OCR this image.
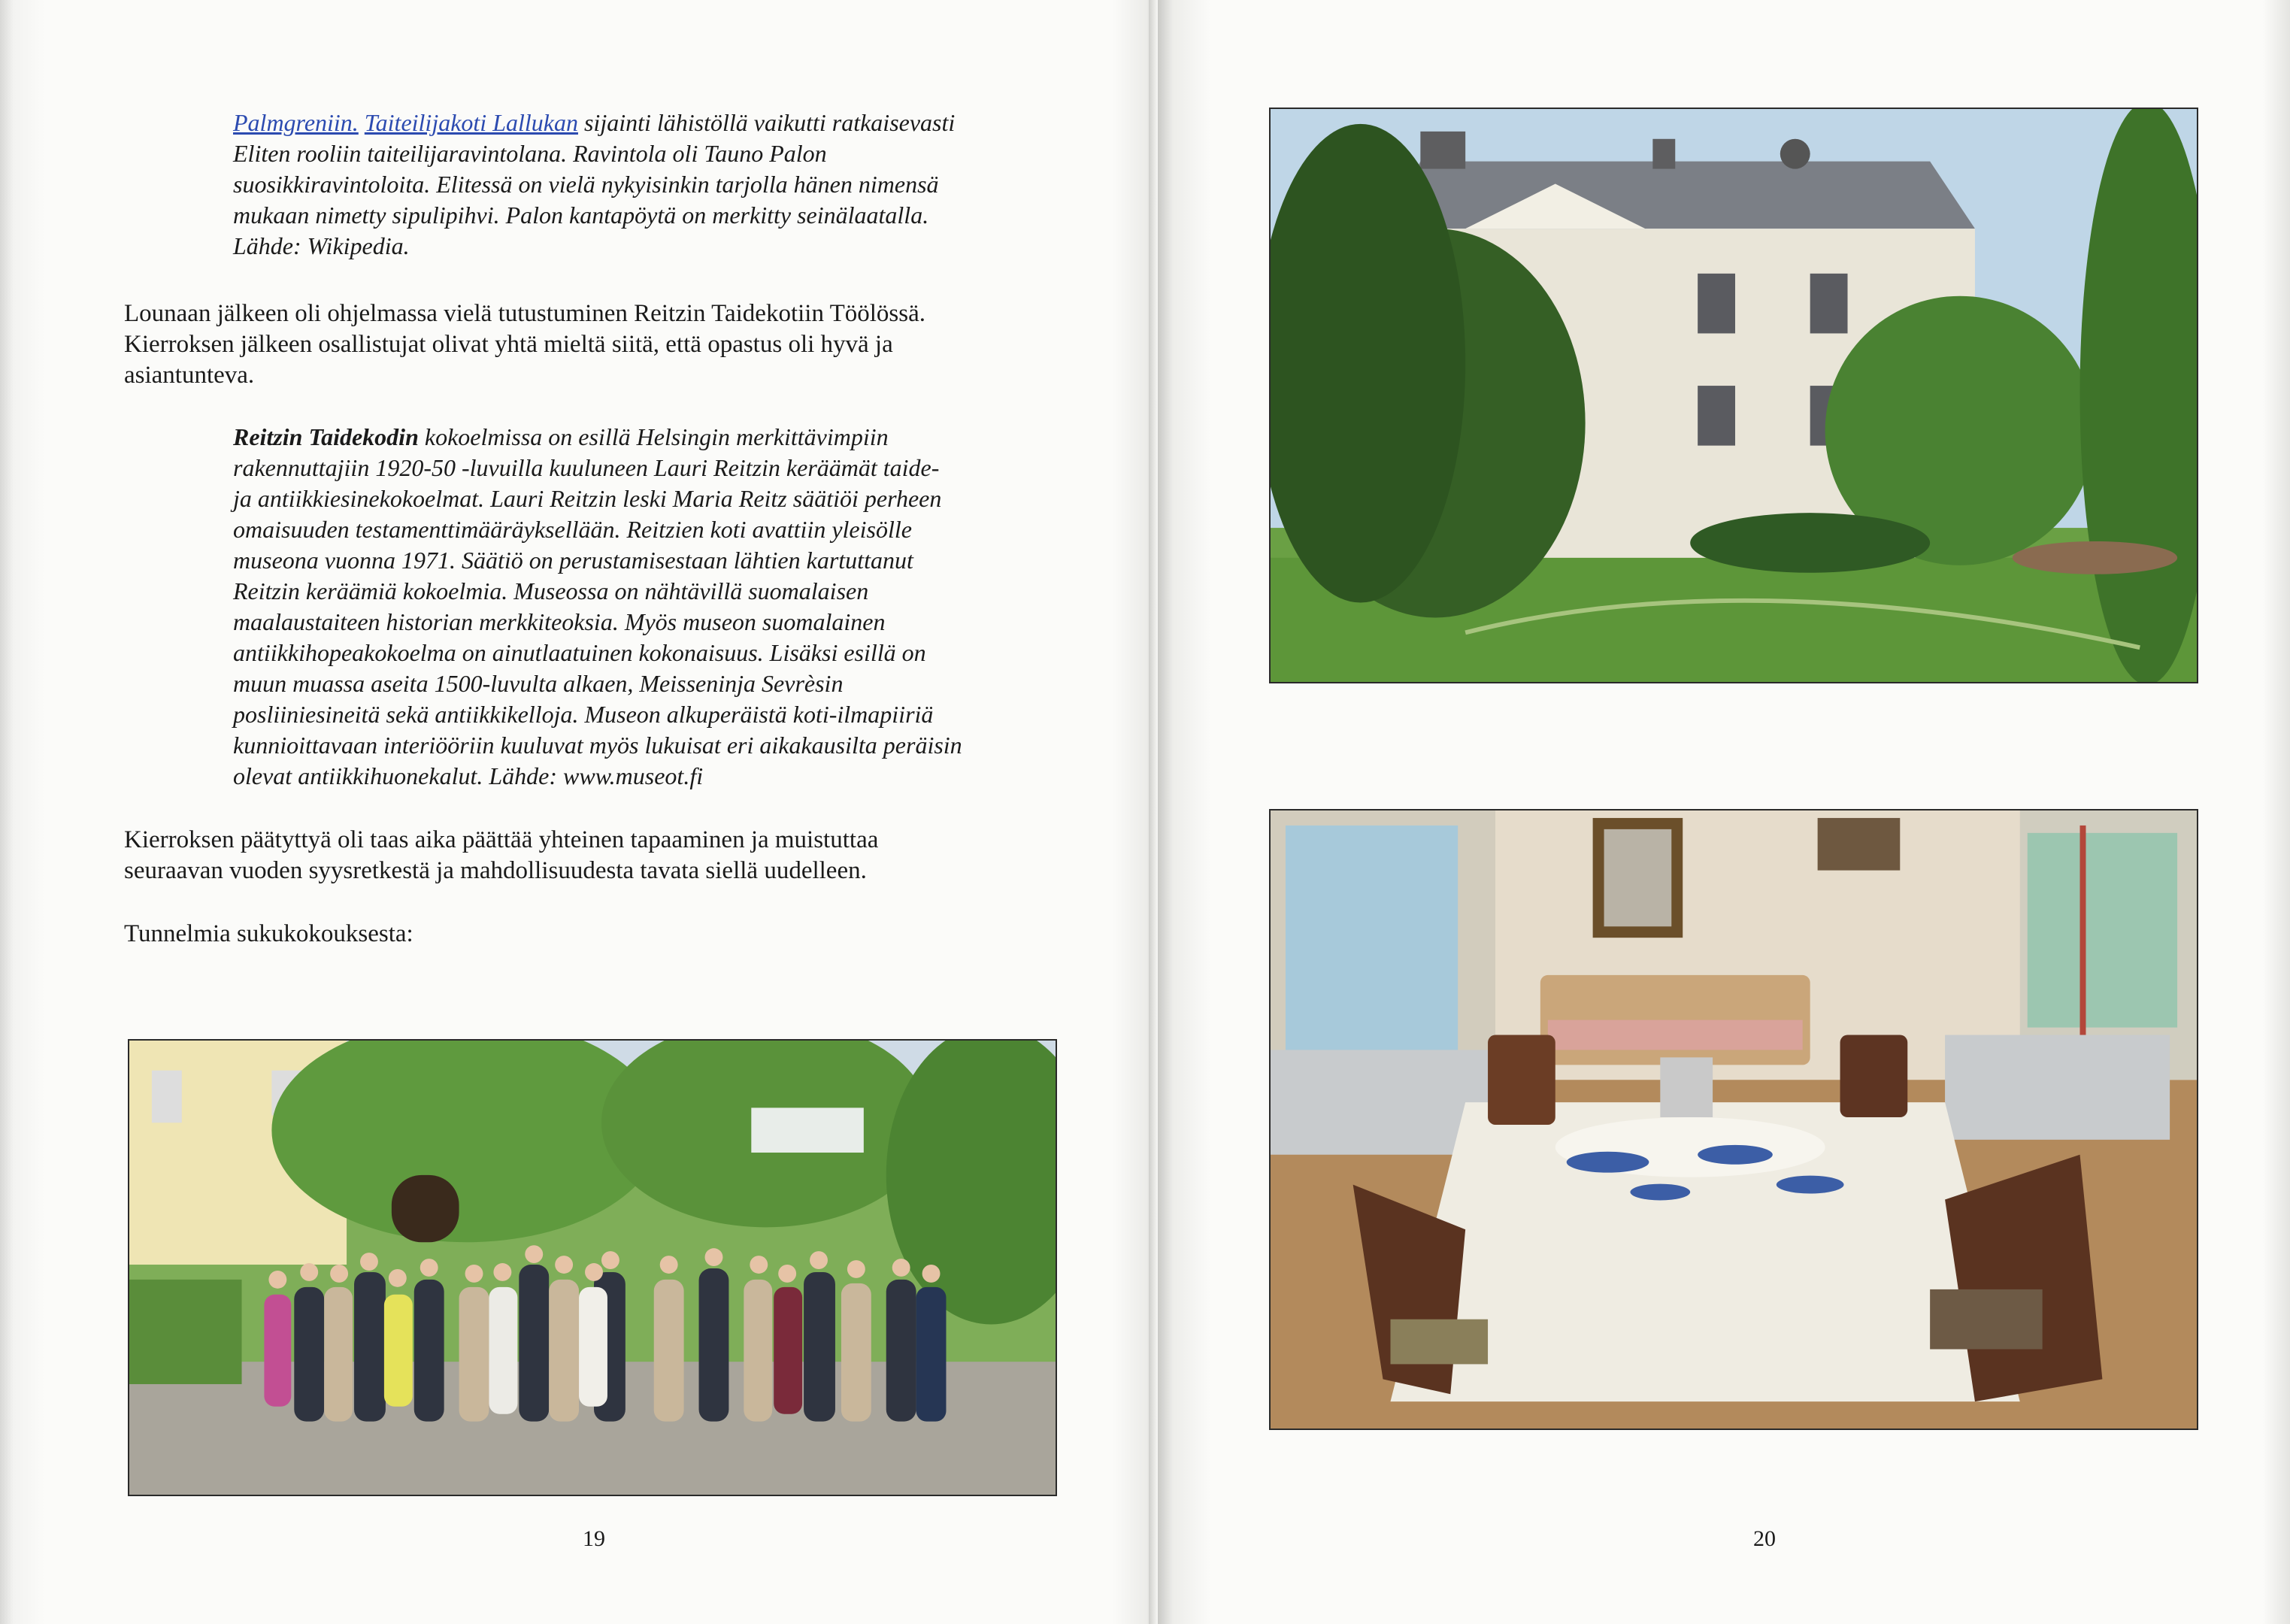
Palmgreniin. Taiteilijakoti Lallukan sijainti lähistöllä vaikutti ratkaisevasti
Eliten rooliin taiteilijaravintolana. Ravintola oli Tauno Palon
suosikkiravintoloita. Elitessä on vielä nykyisinkin tarjolla hänen nimensä
mukaan nimetty sipulipihvi. Palon kantapöytä on merkitty seinälaatalla.
Lähde: Wikipedia.

Lounaan jälkeen oli ohjelmassa vielä tutustuminen Reitzin Taidekotiin Töölössä.
Kierroksen jälkeen osallistujat olivat yhtä mieltä siitä, että opastus oli hyvä ja
asiantunteva.

Reitzin Taidekodin kokoelmissa on esillä Helsingin merkittävimpiin
rakennuttajiin 1920-50 -luvuilla kuuluneen Lauri Reitzin keräämät taide-
ja antiikkiesinekokoelmat. Lauri Reitzin leski Maria Reitz säätiöi perheen
omaisuuden testamenttimääräyksellään. Reitzien koti avattiin yleisölle
museona vuonna 1971. Säätiö on perustamisestaan lähtien kartuttanut
Reitzin keräämiä kokoelmia. Museossa on nähtävillä suomalaisen
maalaustaiteen historian merkkiteoksia. Myös museon suomalainen
antiikkihopeakokoelma on ainutlaatuinen kokonaisuus. Lisäksi esillä on
muun muassa aseita 1500-luvulta alkaen, Meisseninja Sevrèsin
posliiniesineitä sekä antiikkikelloja. Museon alkuperäistä koti-ilmapiiriä
kunnioittavaan interiööriin kuuluvat myös lukuisat eri aikakausilta peräisin
olevat antiikkihuonekalut. Lähde: www.museot.fi

Kierroksen päätyttyä oli taas aika päättää yhteinen tapaaminen ja muistuttaa
seuraavan vuoden syysretkestä ja mahdollisuudesta tavata siellä uudelleen.

Tunnelmia sukukokouksesta:

19	20
